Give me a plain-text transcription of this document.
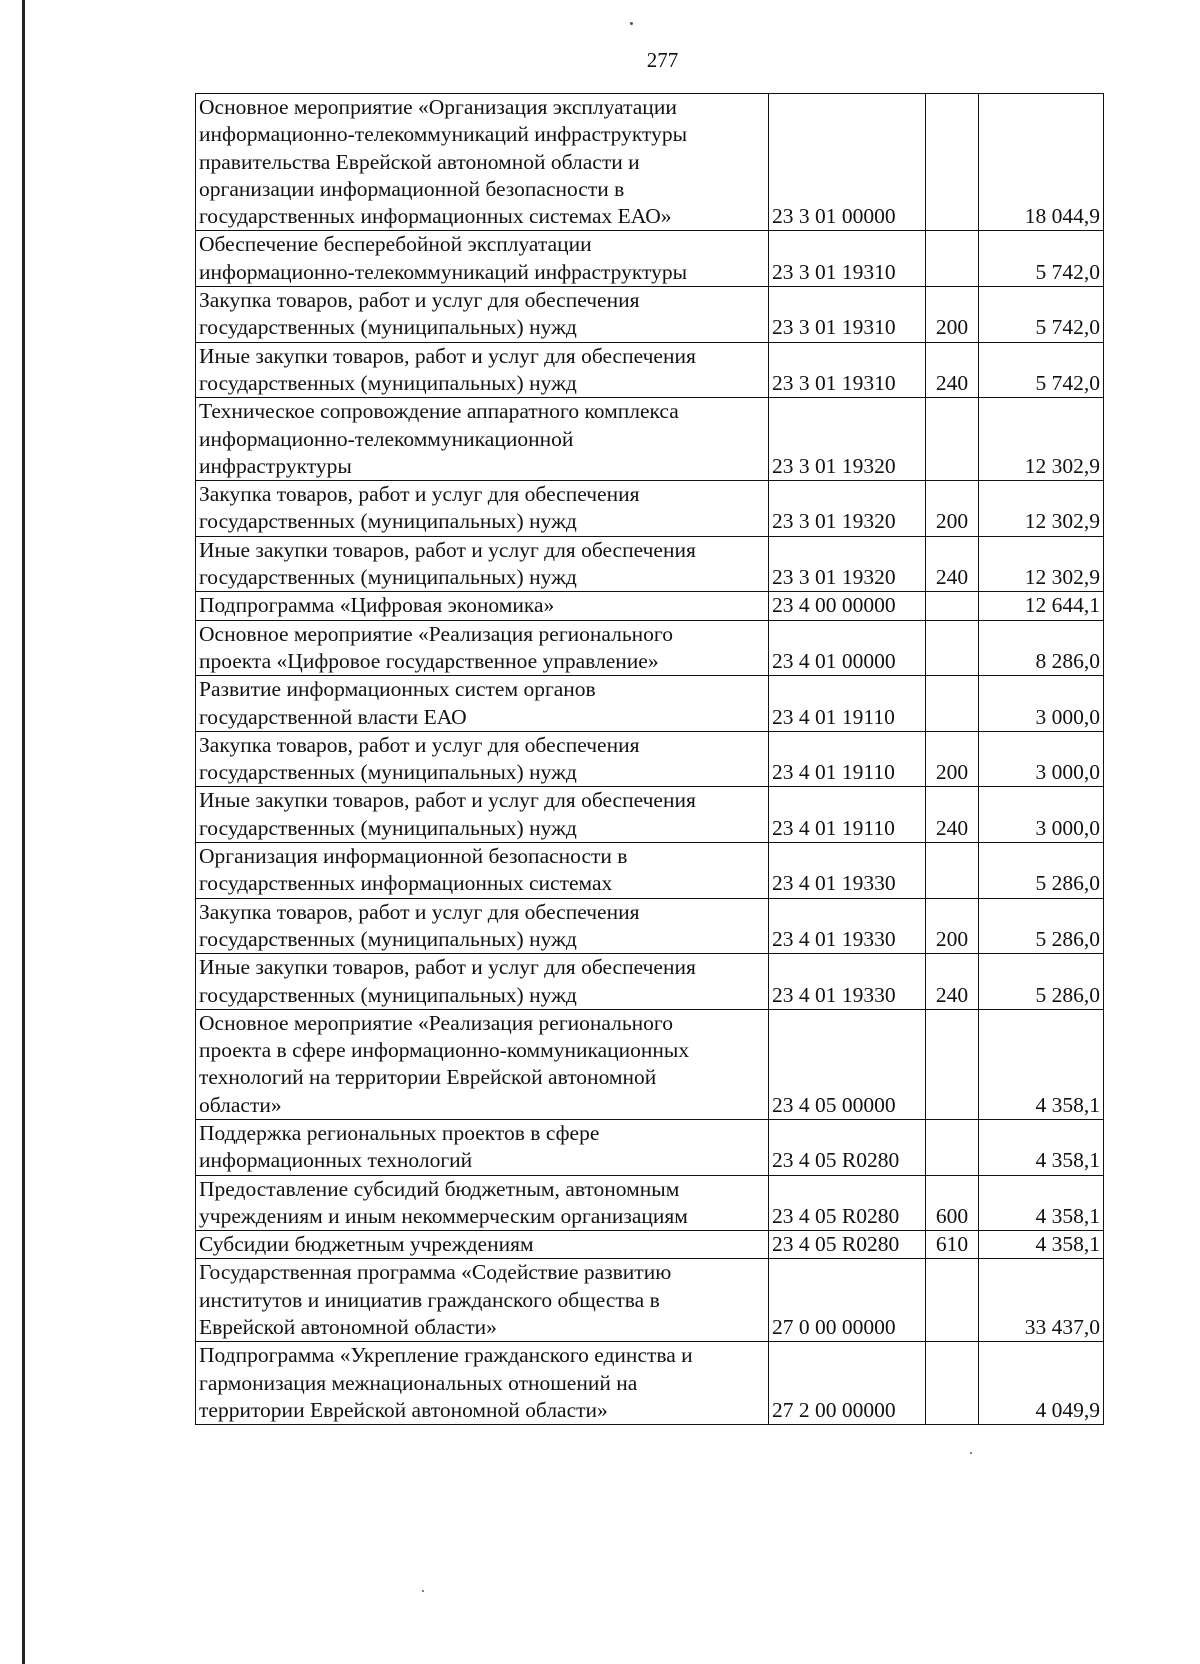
277
Основное мероприятие «Организация эксплуатации
информационно-телекоммуникаций инфраструктуры
правительства Еврейской автономной области и
организации информационной безопасности в
государственных информационных системах ЕАО»	23 3 01 00000		18 044,9
Обеспечение бесперебойной эксплуатации
информационно-телекоммуникаций инфраструктуры	23 3 01 19310		5 742,0
Закупка товаров, работ и услуг для обеспечения
государственных (муниципальных) нужд	23 3 01 19310	200	5 742,0
Иные закупки товаров, работ и услуг для обеспечения
государственных (муниципальных) нужд	23 3 01 19310	240	5 742,0
Техническое сопровождение аппаратного комплекса
информационно-телекоммуникационной
инфраструктуры	23 3 01 19320		12 302,9
Закупка товаров, работ и услуг для обеспечения
государственных (муниципальных) нужд	23 3 01 19320	200	12 302,9
Иные закупки товаров, работ и услуг для обеспечения
государственных (муниципальных) нужд	23 3 01 19320	240	12 302,9
Подпрограмма «Цифровая экономика»	23 4 00 00000		12 644,1
Основное мероприятие «Реализация регионального
проекта «Цифровое государственное управление»	23 4 01 00000		8 286,0
Развитие информационных систем органов
государственной власти ЕАО	23 4 01 19110		3 000,0
Закупка товаров, работ и услуг для обеспечения
государственных (муниципальных) нужд	23 4 01 19110	200	3 000,0
Иные закупки товаров, работ и услуг для обеспечения
государственных (муниципальных) нужд	23 4 01 19110	240	3 000,0
Организация информационной безопасности в
государственных информационных системах	23 4 01 19330		5 286,0
Закупка товаров, работ и услуг для обеспечения
государственных (муниципальных) нужд	23 4 01 19330	200	5 286,0
Иные закупки товаров, работ и услуг для обеспечения
государственных (муниципальных) нужд	23 4 01 19330	240	5 286,0
Основное мероприятие «Реализация регионального
проекта в сфере информационно-коммуникационных
технологий на территории Еврейской автономной
области»	23 4 05 00000		4 358,1
Поддержка региональных проектов в сфере
информационных технологий	23 4 05 R0280		4 358,1
Предоставление субсидий бюджетным, автономным
учреждениям и иным некоммерческим организациям	23 4 05 R0280	600	4 358,1
Субсидии бюджетным учреждениям	23 4 05 R0280	610	4 358,1
Государственная программа «Содействие развитию
институтов и инициатив гражданского общества в
Еврейской автономной области»	27 0 00 00000		33 437,0
Подпрограмма «Укрепление гражданского единства и
гармонизация межнациональных отношений на
территории Еврейской автономной области»	27 2 00 00000		4 049,9
